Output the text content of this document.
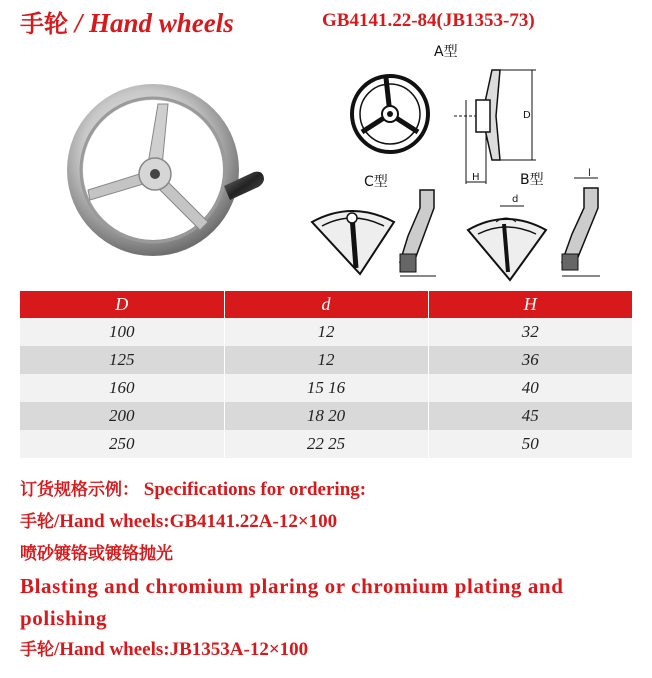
手轮 / Hand wheels	GB4141.22-84(JB1353-73)
A型
D
H
C型	B型	l
d
D	d	H
100	12	32
125	12	36
160	15 16	40
200	18 20	45
250	22 25	50
订货规格示例： Specifications for ordering:
手轮/Hand wheels:GB4141.22A-12×100
喷砂镀铬或镀铬抛光
Blasting and chromium plaring or chromium plating and polishing
手轮/Hand wheels:JB1353A-12×100
